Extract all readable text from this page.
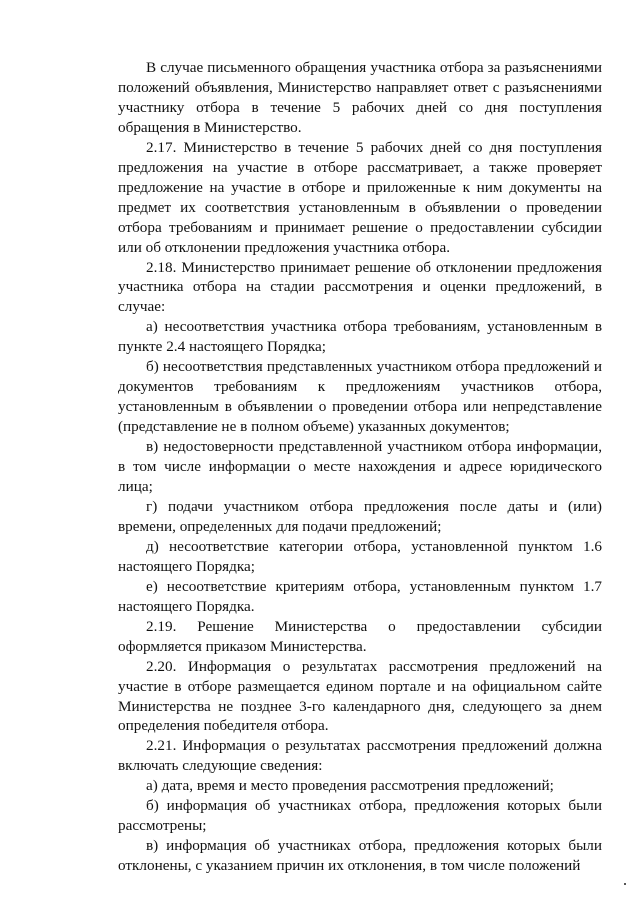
В случае письменного обращения участника отбора за разъяснениями положений объявления, Министерство направляет ответ с разъяснениями участнику отбора в течение 5 рабочих дней со дня поступления обращения в Министерство.

2.17. Министерство в течение 5 рабочих дней со дня поступления предложения на участие в отборе рассматривает, а также проверяет предложение на участие в отборе и приложенные к ним документы на предмет их соответствия установленным в объявлении о проведении отбора требованиям и принимает решение о предоставлении субсидии или об отклонении предложения участника отбора.

2.18. Министерство принимает решение об отклонении предложения участника отбора на стадии рассмотрения и оценки предложений, в случае:

а) несоответствия участника отбора требованиям, установленным в пункте 2.4 настоящего Порядка;

б) несоответствия представленных участником отбора предложений и документов требованиям к предложениям участников отбора, установленным в объявлении о проведении отбора или непредставление (представление не в полном объеме) указанных документов;

в) недостоверности представленной участником отбора информации, в том числе информации о месте нахождения и адресе юридического лица;

г) подачи участником отбора предложения после даты и (или) времени, определенных для подачи предложений;

д) несоответствие категории отбора, установленной пунктом 1.6 настоящего Порядка;

е) несоответствие критериям отбора, установленным пунктом 1.7 настоящего Порядка.

2.19. Решение Министерства о предоставлении субсидии оформляется приказом Министерства.

2.20. Информация о результатах рассмотрения предложений на участие в отборе размещается едином портале и на официальном сайте Министерства не позднее 3-го календарного дня, следующего за днем определения победителя отбора.

2.21. Информация о результатах рассмотрения предложений должна включать следующие сведения:

а) дата, время и место проведения рассмотрения предложений;

б) информация об участниках отбора, предложения которых были рассмотрены;

в) информация об участниках отбора, предложения которых были отклонены, с указанием причин их отклонения, в том числе положений
